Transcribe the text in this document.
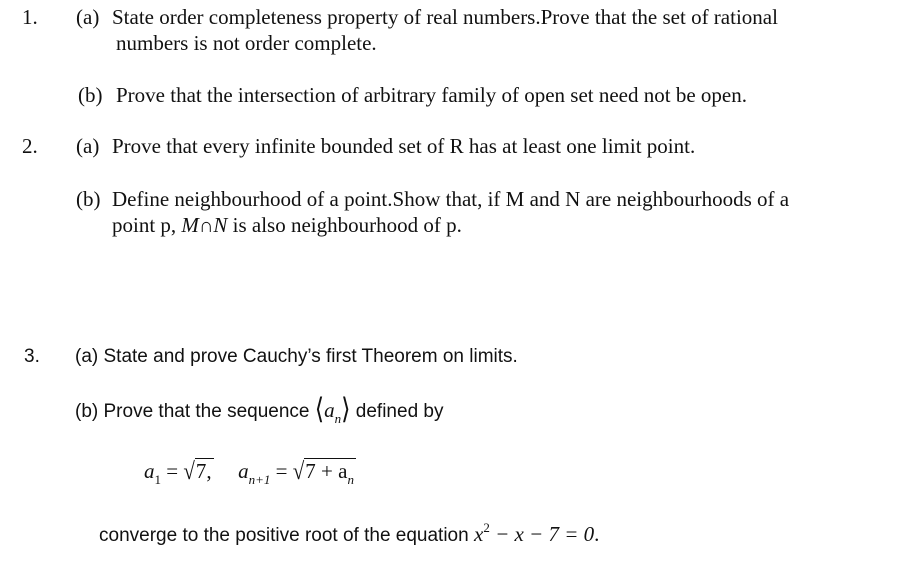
1. (a) State order completeness property of real numbers.Prove that the set of rational
numbers is not order complete.
(b) Prove that the intersection of arbitrary family of open set need not be open.
2. (a) Prove that every infinite bounded set of R has at least one limit point.
(b) Define neighbourhood of a point.Show that, if M and N are neighbourhoods of a
point p, M∩N is also neighbourhood of p.
3. (a) State and prove Cauchy’s first Theorem on limits.
(b) Prove that the sequence $⟨a_n⟩$ defined by
$a_1 = √7$, $a_{n+1} = √7 + a_n$
converge to the positive root of the equation $x^2 - x - 7 = 0$.
